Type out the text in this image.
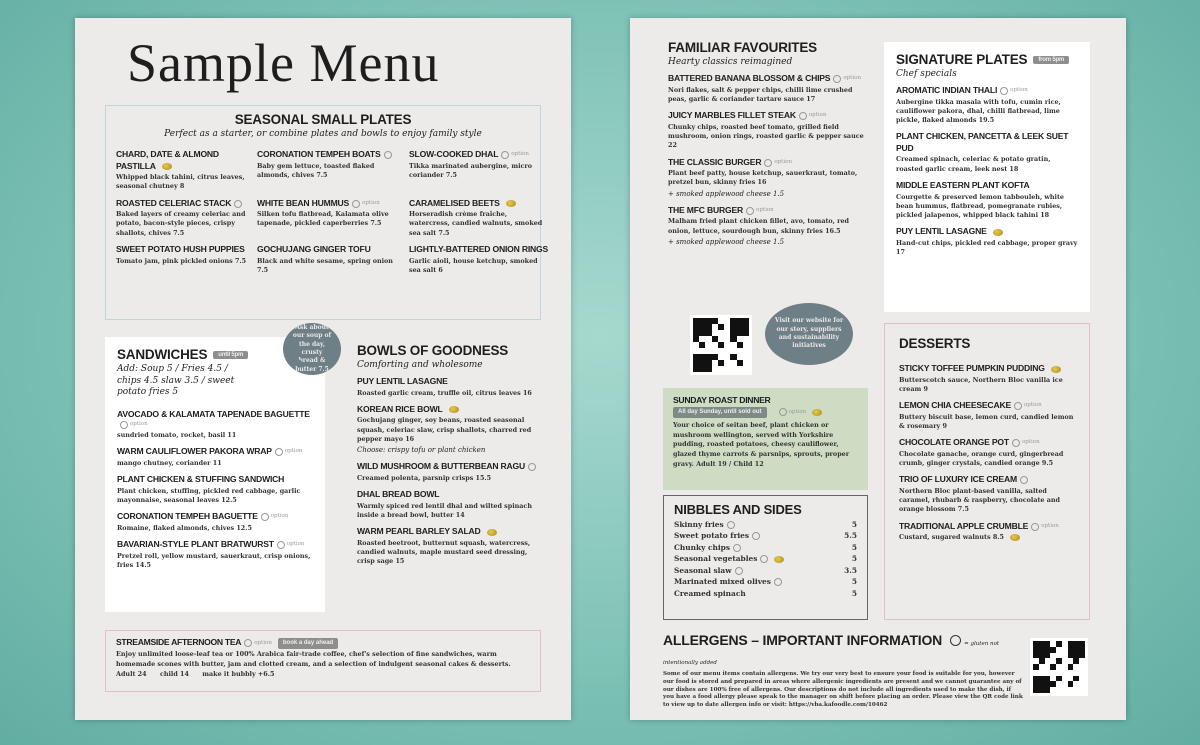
Sample Menu
SEASONAL SMALL PLATES

Perfect as a starter, or combine plates and bowls to enjoy family style

CHARD, DATE & ALMOND PASTILLA

Whipped black tahini, citrus leaves, seasonal chutney 8

CORONATION TEMPEH BOATS

Baby gem lettuce, toasted flaked almonds, chives 7.5

SLOW-COOKED DHAL option

Tikka marinated aubergine, micro coriander 7.5

ROASTED CELERIAC STACK

Baked layers of creamy celeriac and potato, bacon-style pieces, crispy shallots, chives 7.5

WHITE BEAN HUMMUS option

Silken tofu flatbread, Kalamata olive tapenade, pickled caperberries 7.5

CARAMELISED BEETS

Horseradish crème fraîche, watercress, candied walnuts, smoked sea salt 7.5

SWEET POTATO HUSH PUPPIES

Tomato jam, pink pickled onions 7.5

GOCHUJANG GINGER TOFU

Black and white sesame, spring onion 7.5

LIGHTLY-BATTERED ONION RINGS

Garlic aioli, house ketchup, smoked sea salt 6

SANDWICHES until 5pm

Add: Soup 5 / Fries 4.5 / chips 4.5 slaw 3.5 / sweet potato fries 5

AVOCADO & KALAMATA TAPENADE BAGUETTEoption

sundried tomato, rocket, basil 11

WARM CAULIFLOWER PAKORA WRAP option

mango chutney, coriander 11

PLANT CHICKEN & STUFFING SANDWICH

Plant chicken, stuffing, pickled red cabbage, garlic mayonnaise, seasonal leaves 12.5

CORONATION TEMPEH BAGUETTE option

Romaine, flaked almonds, chives 12.5

BAVARIAN-STYLE PLANT BRATWURST option

Pretzel roll, yellow mustard, sauerkraut, crisp onions, fries 14.5

Ask about our soup of the day, crusty bread & butter 7.5
BOWLS OF GOODNESS

Comforting and wholesome

PUY LENTIL LASAGNE

Roasted garlic cream, truffle oil, citrus leaves 16

KOREAN RICE BOWL

Gochujang ginger, soy beans, roasted seasonal squash, celeriac slaw, crisp shallots, charred red pepper mayo 16

Choose: crispy tofu or plant chicken

WILD MUSHROOM & BUTTERBEAN RAGU

Creamed polenta, parsnip crisps 15.5

DHAL BREAD BOWL

Warmly spiced red lentil dhal and wilted spinach inside a bread bowl, butter 14

WARM PEARL BARLEY SALAD

Roasted beetroot, butternut squash, watercress, candied walnuts, maple mustard seed dressing, crisp sage 15

STREAMSIDE AFTERNOON TEA option book a day ahead

Enjoy unlimited loose-leaf tea or 100% Arabica fair-trade coffee, chef's selection of fine sandwiches, warm homemade scones with butter, jam and clotted cream, and a selection of indulgent seasonal cakes & desserts.

Adult 24 child 14 make it bubbly +6.5

FAMILIAR FAVOURITES

Hearty classics reimagined

BATTERED BANANA BLOSSOM & CHIPS option

Nori flakes, salt & pepper chips, chilli lime crushed peas, garlic & coriander tartare sauce 17

JUICY MARBLES FILLET STEAK option

Chunky chips, roasted beef tomato, grilled field mushroom, onion rings, roasted garlic & pepper sauce 22

THE CLASSIC BURGER option

Plant beef patty, house ketchup, sauerkraut, tomato, pretzel bun, skinny fries 16

+ smoked applewood cheese 1.5

THE MFC BURGER option

Malham fried plant chicken fillet, avo, tomato, red onion, lettuce, sourdough bun, skinny fries 16.5

+ smoked applewood cheese 1.5

Visit our website for our story, suppliers and sustainability initiatives
SUNDAY ROAST DINNER
All day Sunday, until sold out	option

Your choice of seitan beef, plant chicken or mushroom wellington, served with Yorkshire pudding, roasted potatoes, cheesy cauliflower, glazed thyme carrots & parsnips, sprouts, proper gravy. Adult 19 / Child 12

NIBBLES AND SIDES
Skinny fries	5
Sweet potato fries	5.5
Chunky chips	5
Seasonal vegetables	5
Seasonal slaw	3.5
Marinated mixed olives	5
Creamed spinach	5
SIGNATURE PLATES from 5pm

Chef specials

AROMATIC INDIAN THALI option

Aubergine tikka masala with tofu, cumin rice, cauliflower pakora, dhal, chilli flatbread, lime pickle, flaked almonds 19.5

PLANT CHICKEN, PANCETTA & LEEK SUET PUD

Creamed spinach, celeriac & potato gratin, roasted garlic cream, leek nest 18

MIDDLE EASTERN PLANT KOFTA

Courgette & preserved lemon tabbouleh, white bean hummus, flatbread, pomegranate rubies, pickled jalapenos, whipped black tahini 18

PUY LENTIL LASAGNE

Hand-cut chips, pickled red cabbage, proper gravy 17

DESSERTS
STICKY TOFFEE PUMPKIN PUDDING

Butterscotch sauce, Northern Bloc vanilla ice cream 9

LEMON CHIA CHEESECAKE option

Buttery biscuit base, lemon curd, candied lemon & rosemary 9

CHOCOLATE ORANGE POT option

Chocolate ganache, orange curd, gingerbread crumb, ginger crystals, candied orange 9.5

TRIO OF LUXURY ICE CREAM

Northern Bloc plant-based vanilla, salted caramel, rhubarb & raspberry, chocolate and orange blossom 7.5

TRADITIONAL APPLE CRUMBLE option

Custard, sugared walnuts 8.5

ALLERGENS – IMPORTANT INFORMATION	= gluten not intentionally added

Some of our menu items contain allergens. We try our very best to ensure your food is suitable for you, however our food is stored and prepared in areas where allergenic ingredients are present and we cannot guarantee any of our dishes are 100% free of allergens. Our descriptions do not include all ingredients used to make the dish, if you have a food allergy please speak to the manager on shift before placing an order. Please view the QR code link to view up to date allergen info or visit: https://vba.kafoodle.com/10462
